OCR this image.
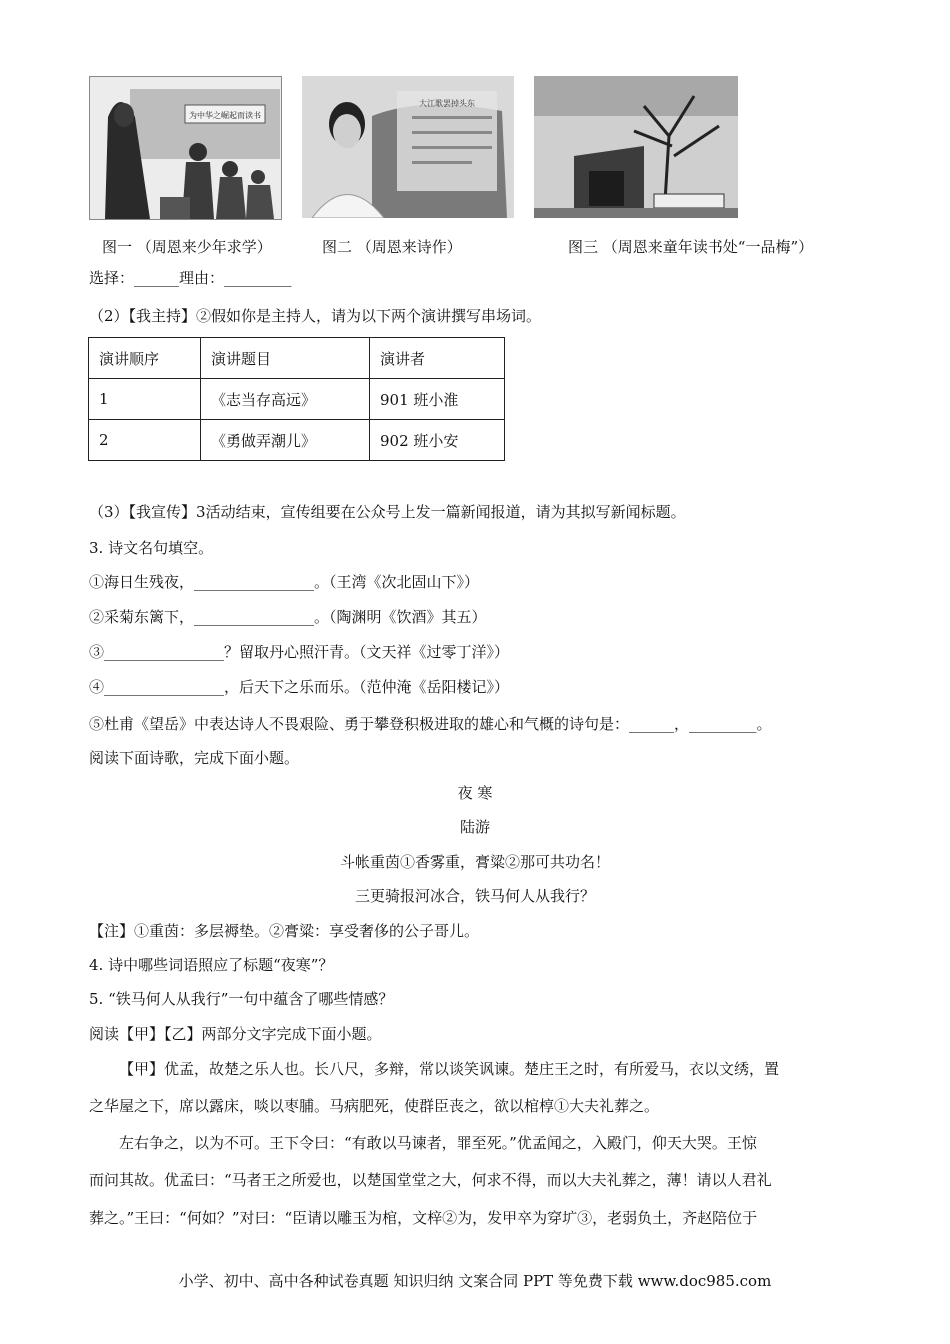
为中华之崛起而读书
大江歌罢掉头东
图一 （周恩来少年求学）	图二 （周恩来诗作）	图三 （周恩来童年读书处“一品梅”）
选择：______理由：_________
（2）【我主持】②假如你是主持人，请为以下两个演讲撰写串场词。
演讲顺序	演讲题目	演讲者
1	《志当存高远》	901 班小淮
2	《勇做弄潮儿》	902 班小安
（3）【我宣传】3活动结束，宣传组要在公众号上发一篇新闻报道，请为其拟写新闻标题。
3. 诗文名句填空。
①海日生残夜，________________。（王湾《次北固山下》）
②采菊东篱下，________________。（陶渊明《饮酒》其五）
③________________？留取丹心照汗青。（文天祥《过零丁洋》）
④________________，后天下之乐而乐。（范仲淹《岳阳楼记》）
⑤杜甫《望岳》中表达诗人不畏艰险、勇于攀登积极进取的雄心和气概的诗句是：______，_________。
阅读下面诗歌，完成下面小题。
夜 寒
陆游
斗帐重茵①香雾重，膏粱②那可共功名！
三更骑报河冰合，铁马何人从我行？
【注】①重茵：多层褥垫。②膏粱：享受奢侈的公子哥儿。
4. 诗中哪些词语照应了标题“夜寒”？
5. “铁马何人从我行”一句中蕴含了哪些情感？
阅读【甲】【乙】两部分文字完成下面小题。
【甲】优孟，故楚之乐人也。长八尺，多辩，常以谈笑讽谏。楚庄王之时，有所爱马，衣以文绣，置
之华屋之下，席以露床，啖以枣脯。马病肥死，使群臣丧之，欲以棺椁①大夫礼葬之。
左右争之，以为不可。王下令曰：“有敢以马谏者，罪至死。”优孟闻之，入殿门，仰天大哭。王惊
而问其故。优孟曰：“马者王之所爱也，以楚国堂堂之大，何求不得，而以大夫礼葬之，薄！请以人君礼
葬之。”王曰：“何如？”对曰：“臣请以雕玉为棺，文梓②为，发甲卒为穿圹③，老弱负土，齐赵陪位于
小学、初中、高中各种试卷真题 知识归纳 文案合同 PPT 等免费下载 www.doc985.com
